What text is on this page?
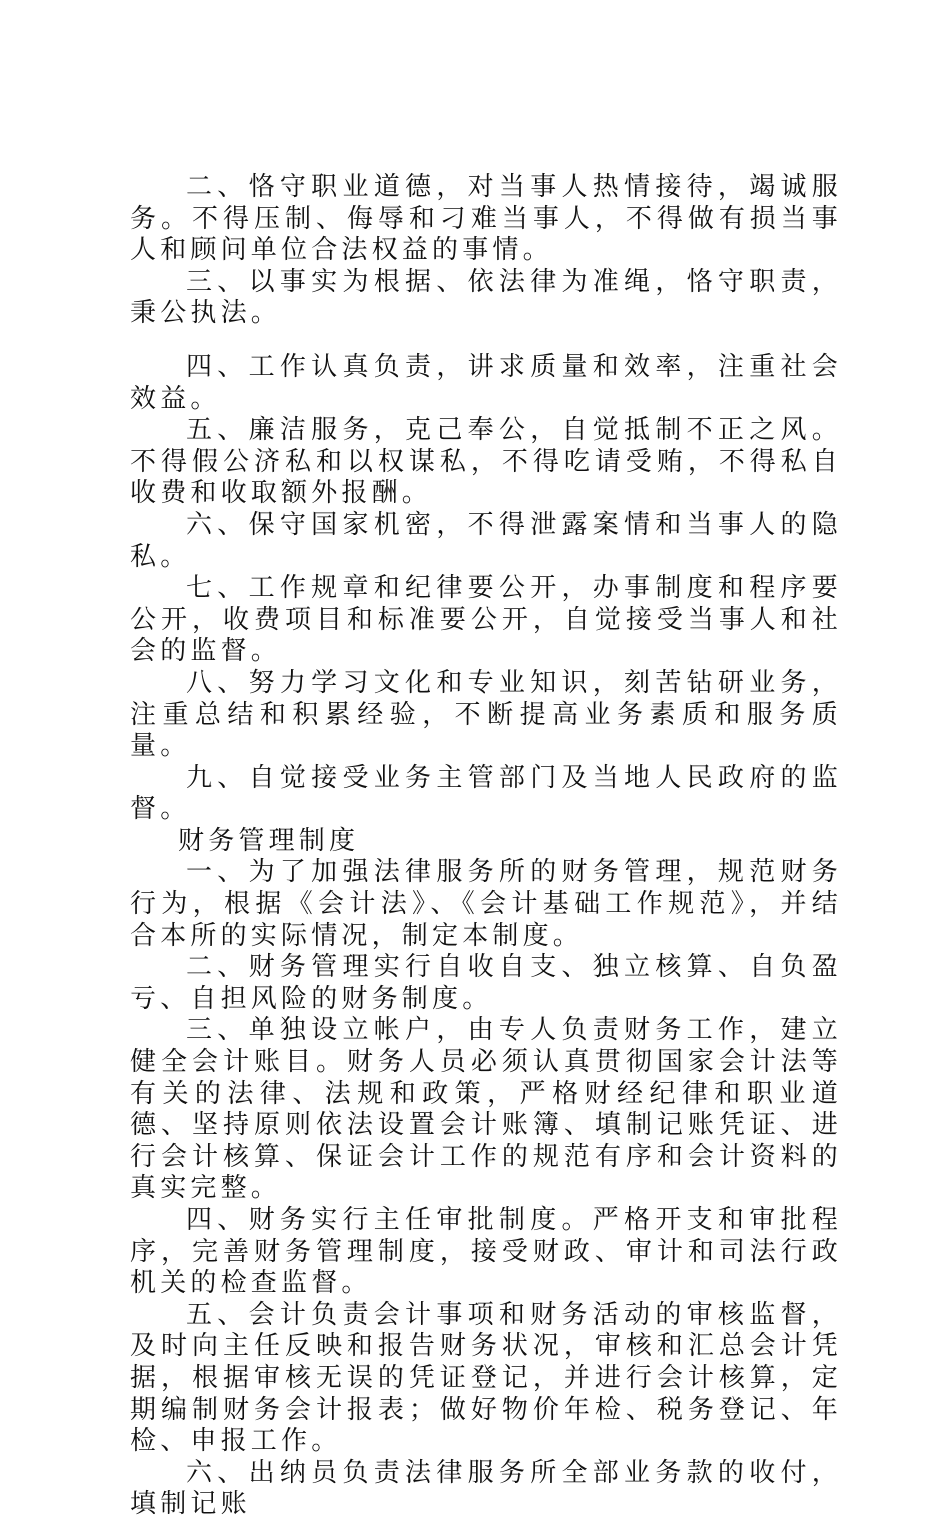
二、恪守职业道德，对当事人热情接待，竭诚服务。不得压制、侮辱和刁难当事人，不得做有损当事人和顾问单位合法权益的事情。

三、以事实为根据、依法律为准绳，恪守职责，秉公执法。

四、工作认真负责，讲求质量和效率，注重社会效益。

五、廉洁服务，克己奉公，自觉抵制不正之风。不得假公济私和以权谋私，不得吃请受贿，不得私自收费和收取额外报酬。

六、保守国家机密，不得泄露案情和当事人的隐私。

七、工作规章和纪律要公开，办事制度和程序要公开，收费项目和标准要公开，自觉接受当事人和社会的监督。

八、努力学习文化和专业知识，刻苦钻研业务，注重总结和积累经验，不断提高业务素质和服务质量。

九、自觉接受业务主管部门及当地人民政府的监督。

财务管理制度

一、为了加强法律服务所的财务管理，规范财务行为，根据《会计法》、《会计基础工作规范》，并结合本所的实际情况，制定本制度。

二、财务管理实行自收自支、独立核算、自负盈亏、自担风险的财务制度。

三、单独设立帐户，由专人负责财务工作，建立健全会计账目。财务人员必须认真贯彻国家会计法等有关的法律、法规和政策，严格财经纪律和职业道德、坚持原则依法设置会计账簿、填制记账凭证、进行会计核算、保证会计工作的规范有序和会计资料的真实完整。

四、财务实行主任审批制度。严格开支和审批程序，完善财务管理制度，接受财政、审计和司法行政机关的检查监督。

五、会计负责会计事项和财务活动的审核监督，及时向主任反映和报告财务状况，审核和汇总会计凭据，根据审核无误的凭证登记，并进行会计核算，定期编制财务会计报表；做好物价年检、税务登记、年检、申报工作。

六、出纳员负责法律服务所全部业务款的收付，填制记账
